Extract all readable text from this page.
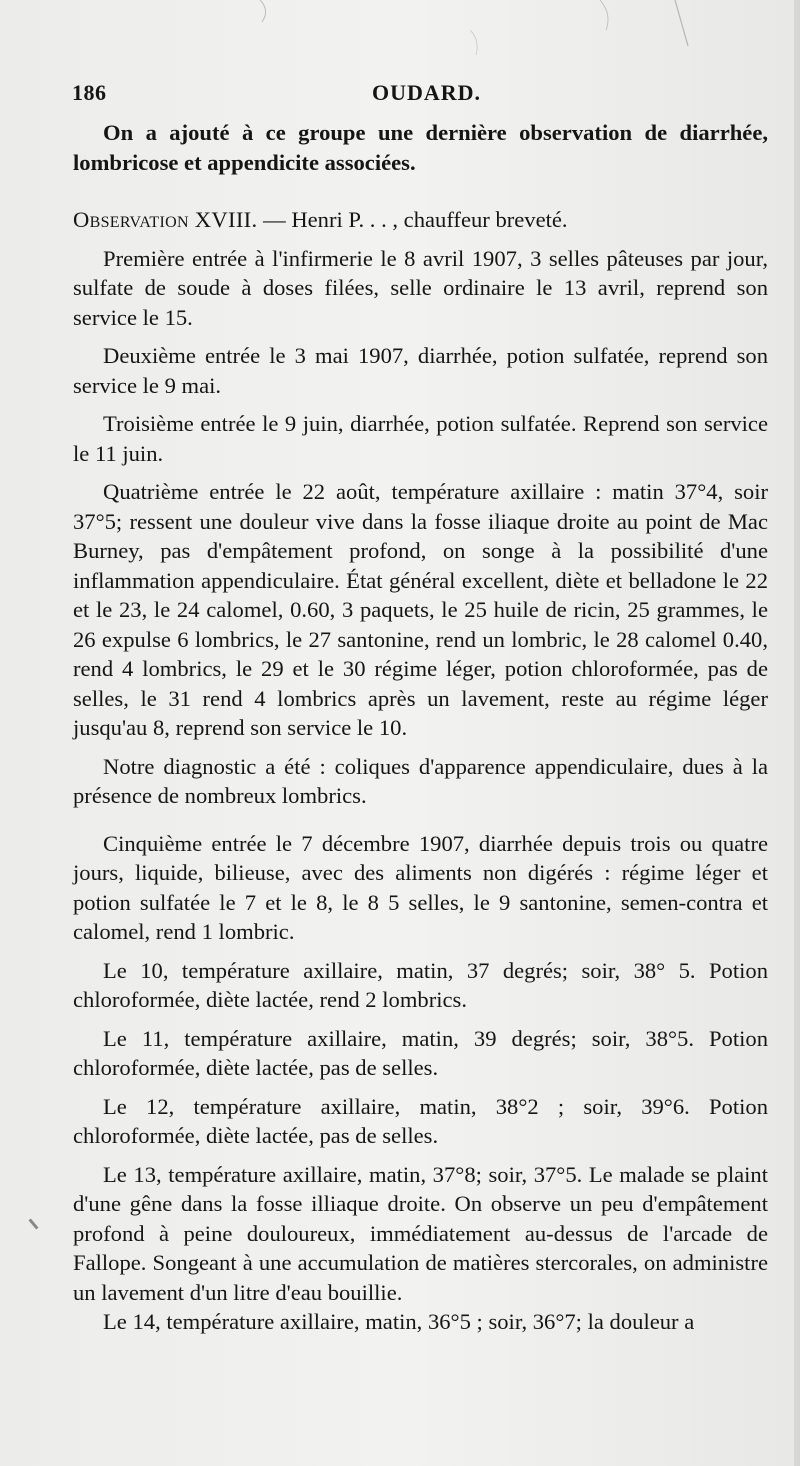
186	OUDARD.

On a ajouté à ce groupe une dernière observation de diarrhée, lombricose et appendicite associées.

Observation XVIII. — Henri P. . . , chauffeur breveté.

Première entrée à l'infirmerie le 8 avril 1907, 3 selles pâteuses par jour, sulfate de soude à doses filées, selle ordinaire le 13 avril, reprend son service le 15.

Deuxième entrée le 3 mai 1907, diarrhée, potion sulfatée, reprend son service le 9 mai.

Troisième entrée le 9 juin, diarrhée, potion sulfatée. Reprend son service le 11 juin.

Quatrième entrée le 22 août, température axillaire : matin 37°4, soir 37°5; ressent une douleur vive dans la fosse iliaque droite au point de Mac Burney, pas d'empâtement profond, on songe à la possibilité d'une inflammation appendiculaire. État général excellent, diète et belladone le 22 et le 23, le 24 calomel, 0.60, 3 paquets, le 25 huile de ricin, 25 grammes, le 26 expulse 6 lombrics, le 27 santonine, rend un lombric, le 28 calomel 0.40, rend 4 lombrics, le 29 et le 30 régime léger, potion chloroformée, pas de selles, le 31 rend 4 lombrics après un lavement, reste au régime léger jusqu'au 8, reprend son service le 10.

Notre diagnostic a été : coliques d'apparence appendiculaire, dues à la présence de nombreux lombrics.

Cinquième entrée le 7 décembre 1907, diarrhée depuis trois ou quatre jours, liquide, bilieuse, avec des aliments non digérés : régime léger et potion sulfatée le 7 et le 8, le 8 5 selles, le 9 santonine, semen-contra et calomel, rend 1 lombric.

Le 10, température axillaire, matin, 37 degrés; soir, 38° 5. Potion chloroformée, diète lactée, rend 2 lombrics.

Le 11, température axillaire, matin, 39 degrés; soir, 38°5. Potion chloroformée, diète lactée, pas de selles.

Le 12, température axillaire, matin, 38°2 ; soir, 39°6. Potion chloroformée, diète lactée, pas de selles.

Le 13, température axillaire, matin, 37°8; soir, 37°5. Le malade se plaint d'une gêne dans la fosse illiaque droite. On observe un peu d'empâtement profond à peine douloureux, immédiatement au-dessus de l'arcade de Fallope. Songeant à une accumulation de matières stercorales, on administre un lavement d'un litre d'eau bouillie.

Le 14, température axillaire, matin, 36°5 ; soir, 36°7; la douleur a
